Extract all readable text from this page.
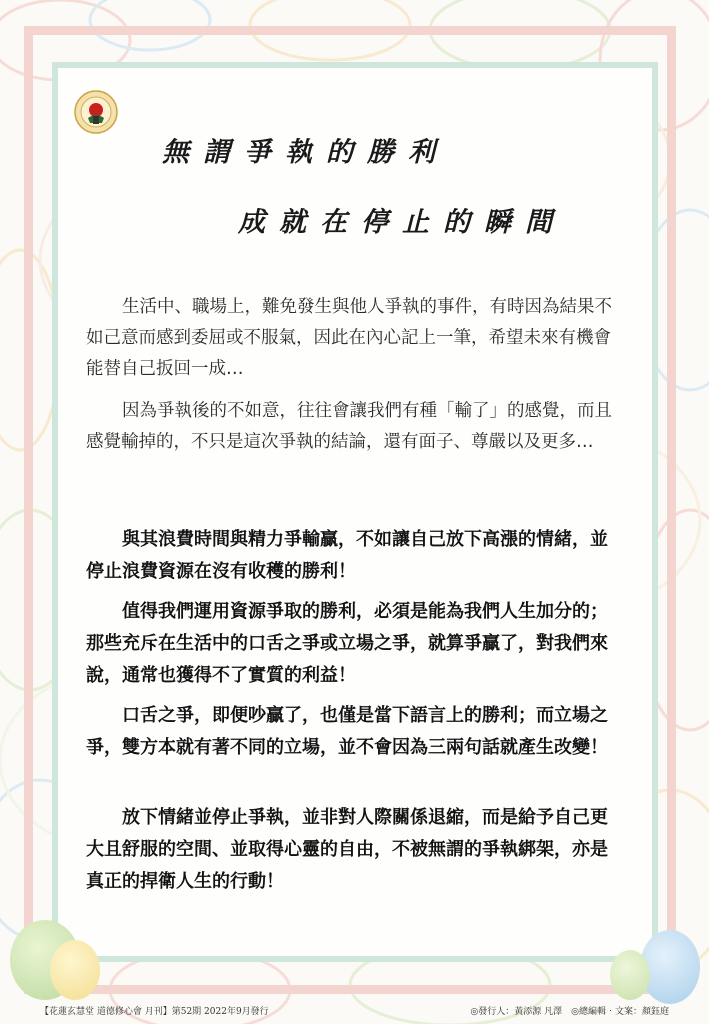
無謂爭執的勝利
成就在停止的瞬間

生活中、職場上，難免發生與他人爭執的事件，有時因為結果不如己意而感到委屈或不服氣，因此在內心記上一筆，希望未來有機會能替自己扳回一成…

因為爭執後的不如意，往往會讓我們有種「輸了」的感覺，而且感覺輸掉的，不只是這次爭執的結論，還有面子、尊嚴以及更多…

與其浪費時間與精力爭輸贏，不如讓自己放下高漲的情緒，並停止浪費資源在沒有收穫的勝利！

值得我們運用資源爭取的勝利，必須是能為我們人生加分的；那些充斥在生活中的口舌之爭或立場之爭，就算爭贏了，對我們來說，通常也獲得不了實質的利益！

口舌之爭，即便吵贏了，也僅是當下語言上的勝利；而立場之爭，雙方本就有著不同的立場，並不會因為三兩句話就產生改變！

放下情緒並停止爭執，並非對人際關係退縮，而是給予自己更大且舒服的空間、並取得心靈的自由，不被無謂的爭執綁架，亦是真正的捍衛人生的行動！

【花蓮玄慧堂 道德修心會 月刊】第52期 2022年9月發行	◎發行人：黃添源 凡澤　◎總編輯‧文案：顏鈺庭
